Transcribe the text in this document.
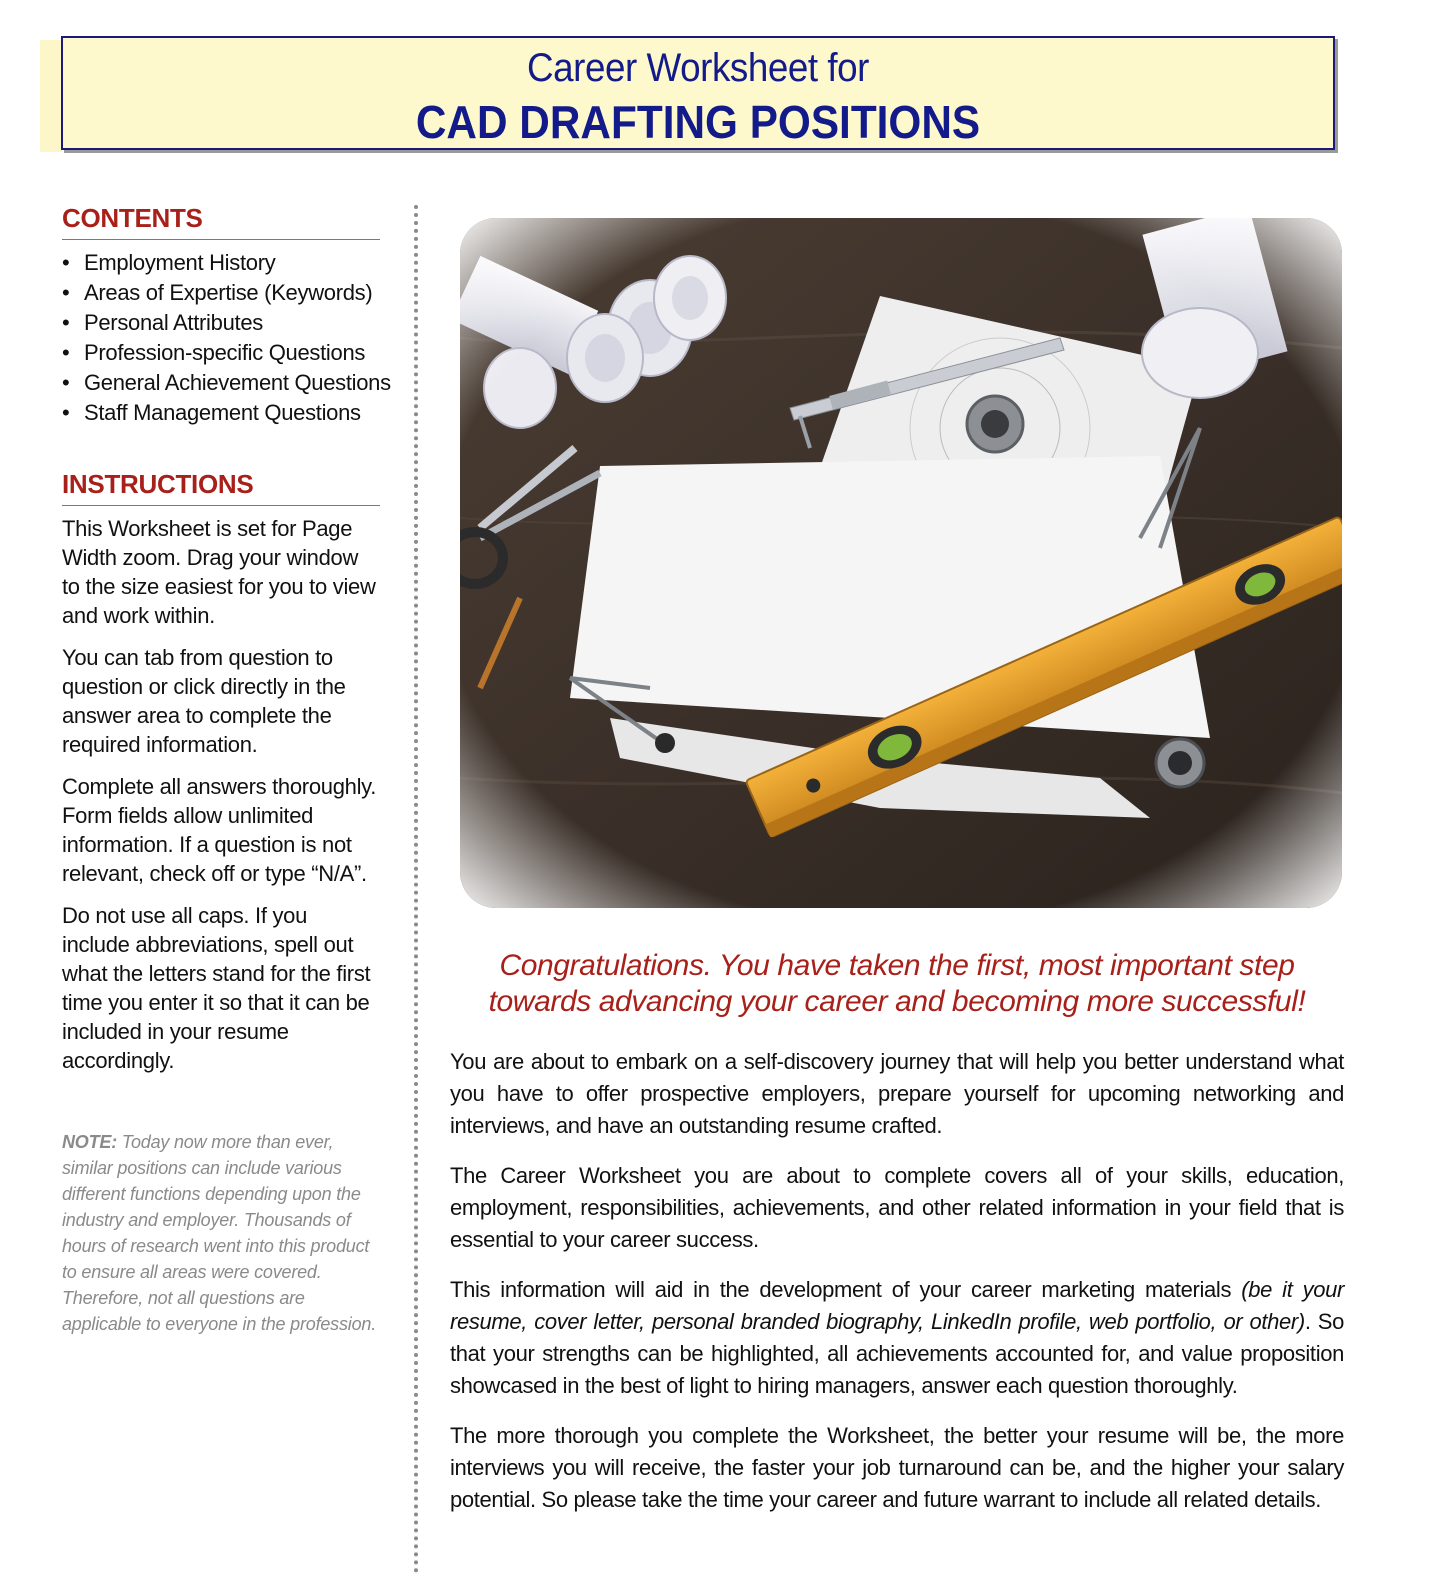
Career Worksheet for
CAD DRAFTING POSITIONS
CONTENTS
• Employment History
• Areas of Expertise (Keywords)
• Personal Attributes
• Profession-specific Questions
• General Achievement Questions
• Staff Management Questions
INSTRUCTIONS

This Worksheet is set for Page Width zoom. Drag your window to the size easiest for you to view and work within.

You can tab from question to question or click directly in the answer area to complete the required information.

Complete all answers thoroughly. Form fields allow unlimited information. If a question is not relevant, check off or type “N/A”.

Do not use all caps. If you include abbreviations, spell out what the letters stand for the first time you enter it so that it can be included in your resume accordingly.

NOTE: Today now more than ever, similar positions can include various different functions depending upon the industry and employer. Thousands of hours of research went into this product to ensure all areas were covered. Therefore, not all questions are applicable to everyone in the profession.
Congratulations. You have taken the first, most important step
towards advancing your career and becoming more successful!

You are about to embark on a self-discovery journey that will help you better understand what you have to offer prospective employers, prepare yourself for upcoming networking and interviews, and have an outstanding resume crafted.

The Career Worksheet you are about to complete covers all of your skills, education, employment, responsibilities, achievements, and other related information in your field that is essential to your career success.

This information will aid in the development of your career marketing materials (be it your resume, cover letter, personal branded biography, LinkedIn profile, web portfolio, or other). So that your strengths can be highlighted, all achievements accounted for, and value proposition showcased in the best of light to hiring managers, answer each question thoroughly.

The more thorough you complete the Worksheet, the better your resume will be, the more interviews you will receive, the faster your job turnaround can be, and the higher your salary potential. So please take the time your career and future warrant to include all related details.
